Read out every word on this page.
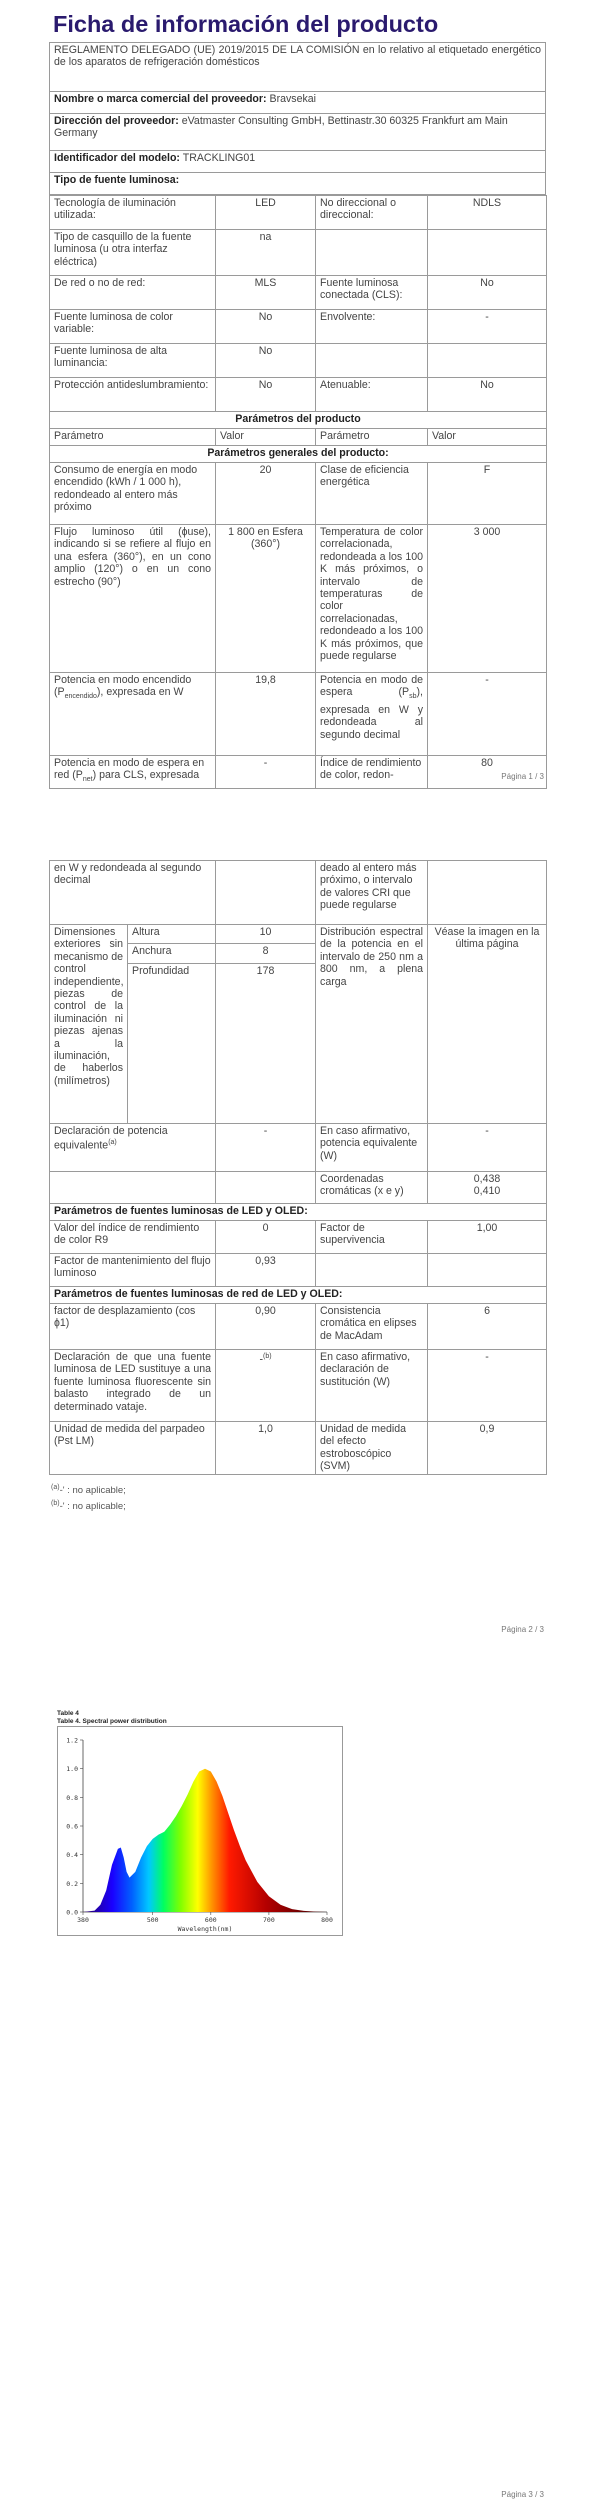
Ficha de información del producto
REGLAMENTO DELEGADO (UE) 2019/2015 DE LA COMISIÓN en lo relativo al etiquetado energético de los aparatos de refrigeración domésticos
Nombre o marca comercial del proveedor: Bravsekai
Dirección del proveedor: eVatmaster Consulting GmbH, Bettinastr.30 60325 Frankfurt am Main Germany
Identificador del modelo: TRACKLING01
Tipo de fuente luminosa:
Tecnología de iluminación utilizada:	LED	No direccional o direccional:	NDLS
Tipo de casquillo de la fuente luminosa (u otra interfaz eléctrica)	na		
De red o no de red:	MLS	Fuente luminosa conectada (CLS):	No
Fuente luminosa de color variable:	No	Envolvente:	-
Fuente luminosa de alta luminancia:	No		
Protección antideslumbramiento:	No	Atenuable:	No
Parámetros del producto			
Parámetro	Valor	Parámetro	Valor
Parámetros generales del producto:			
Consumo de energía en modo encendido (kWh / 1 000 h), redondeado al entero más próximo	20	Clase de eficiencia energética	F
Flujo luminoso útil (ɸuse), indicando si se refiere al flujo en una esfera (360°), en un cono amplio (120°) o en un cono estrecho (90°)	1 800 en Esfera (360°)	Temperatura de color correlacionada, redondeada a los 100 K más próximos, o intervalo de temperaturas de color correlacionadas, redondeado a los 100 K más próximos, que puede regularse	3 000
Potencia en modo encendido $(P_{encendido})$, expresada en W	19,8	Potencia en modo de espera $(P_{sb})$, expresada en W y redondeada al segundo decimal	-
Potencia en modo de espera en red $(P_{net})$ para CLS, expresada	-	Índice de rendimiento de color, redon-	80
Página 1 / 3
en W y redondeada al segundo decimal			deado al entero más próximo, o intervalo de valores CRI que puede regularse	
Dimensiones exteriores sin mecanismo de control independiente, piezas de control de la iluminación ni piezas ajenas a la iluminación, de haberlos (milímetros)	Altura	10	Distribución espectral de la potencia en el intervalo de 250 nm a 800 nm, a plena carga	Véase la imagen en la última página
	Anchura	8		
	Profundidad	178		
Declaración de potencia equivalente$^{(a)}$		-	En caso afirmativo, potencia equivalente (W)	-
			Coordenadas cromáticas (x e y)	0,438
0,410
Parámetros de fuentes luminosas de LED y OLED:				
Valor del índice de rendimiento de color R9		0	Factor de supervivencia	1,00
Factor de mantenimiento del flujo luminoso		0,93		
Parámetros de fuentes luminosas de red de LED y OLED:				
factor de desplazamiento (cos ɸ1)		0,90	Consistencia cromática en elipses de MacAdam	6
Declaración de que una fuente luminosa de LED sustituye a una fuente luminosa fluorescente sin balasto integrado de un determinado vataje.		-$^{(b)}$	En caso afirmativo, declaración de sustitución (W)	-
Unidad de medida del parpadeo (Pst LM)		1,0	Unidad de medida del efecto estroboscópico (SVM)	0,9
$^{(a)}$-' : no aplicable;
$^{(b)}$-' : no aplicable;
Página 2 / 3
Table 4
Table 4. Spectral power distribution
0.0
0.2
0.4
0.6
0.8
1.0
1.2
380	500	600	700	800
Wavelength(nm)
Página 3 / 3
